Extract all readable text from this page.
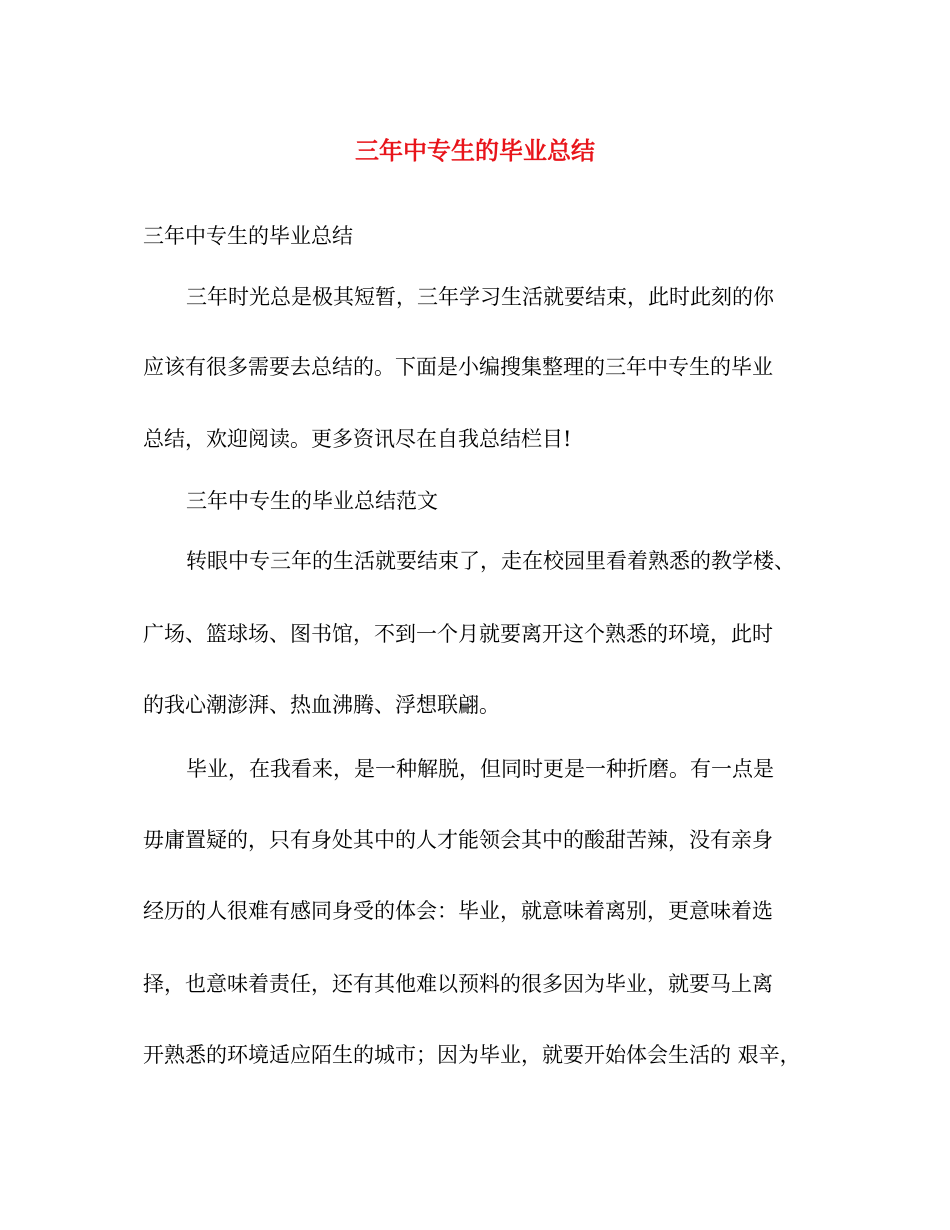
三年中专生的毕业总结
三年中专生的毕业总结
三年时光总是极其短暂，三年学习生活就要结束，此时此刻的你
应该有很多需要去总结的。下面是小编搜集整理的三年中专生的毕业
总结，欢迎阅读。更多资讯尽在自我总结栏目!
三年中专生的毕业总结范文
转眼中专三年的生活就要结束了，走在校园里看着熟悉的教学楼、
广场、篮球场、图书馆，不到一个月就要离开这个熟悉的环境，此时
的我心潮澎湃、热血沸腾、浮想联翩。
毕业，在我看来，是一种解脱，但同时更是一种折磨。有一点是
毋庸置疑的，只有身处其中的人才能领会其中的酸甜苦辣，没有亲身
经历的人很难有感同身受的体会：毕业，就意味着离别，更意味着选
择，也意味着责任，还有其他难以预料的很多因为毕业，就要马上离
开熟悉的环境适应陌生的城市；因为毕业，就要开始体会生活的 艰辛，
